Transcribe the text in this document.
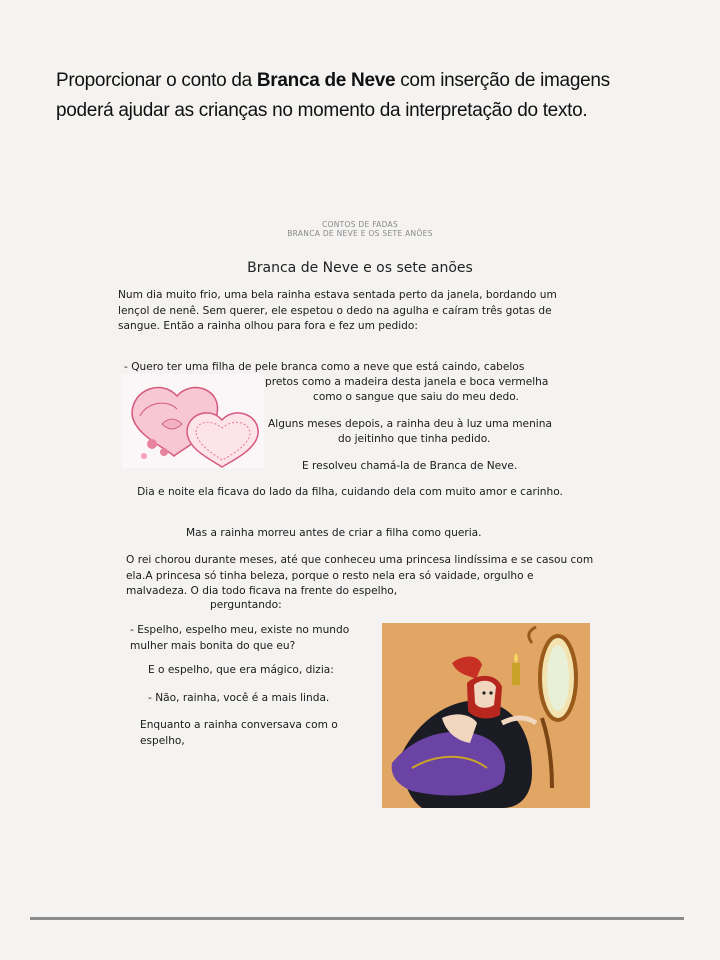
Proporcionar o conto da Branca de Neve com inserção de imagens poderá ajudar as crianças no momento da interpretação do texto.
CONTOS DE FADAS
BRANCA DE NEVE E OS SETE ANÕES
Branca de Neve e os sete anões
Num dia muito frio, uma bela rainha estava sentada perto da janela, bordando um lençol de nenê. Sem querer, ele espetou o dedo na agulha e caíram três gotas de sangue. Então a rainha olhou para fora e fez um pedido:
- Quero ter uma filha de pele branca como a neve que está caindo, cabelos
pretos como a madeira desta janela e boca vermelha
como o sangue que saiu do meu dedo.
Alguns meses depois, a rainha deu à luz uma menina
do jeitinho que tinha pedido.
E resolveu chamá-la de Branca de Neve.
Dia e noite ela ficava do lado da filha, cuidando dela com muito amor e carinho.
Mas a rainha morreu antes de criar a filha como queria.
O rei chorou durante meses, até que conheceu uma princesa lindíssima e se casou com ela.A princesa só tinha beleza, porque o resto nela era só vaidade, orgulho e malvadeza. O dia todo ficava na frente do espelho,
perguntando:
- Espelho, espelho meu, existe no mundo mulher mais bonita do que eu?
E o espelho, que era mágico, dizia:
- Não, rainha, você é a mais linda.
Enquanto a rainha conversava com o espelho,
